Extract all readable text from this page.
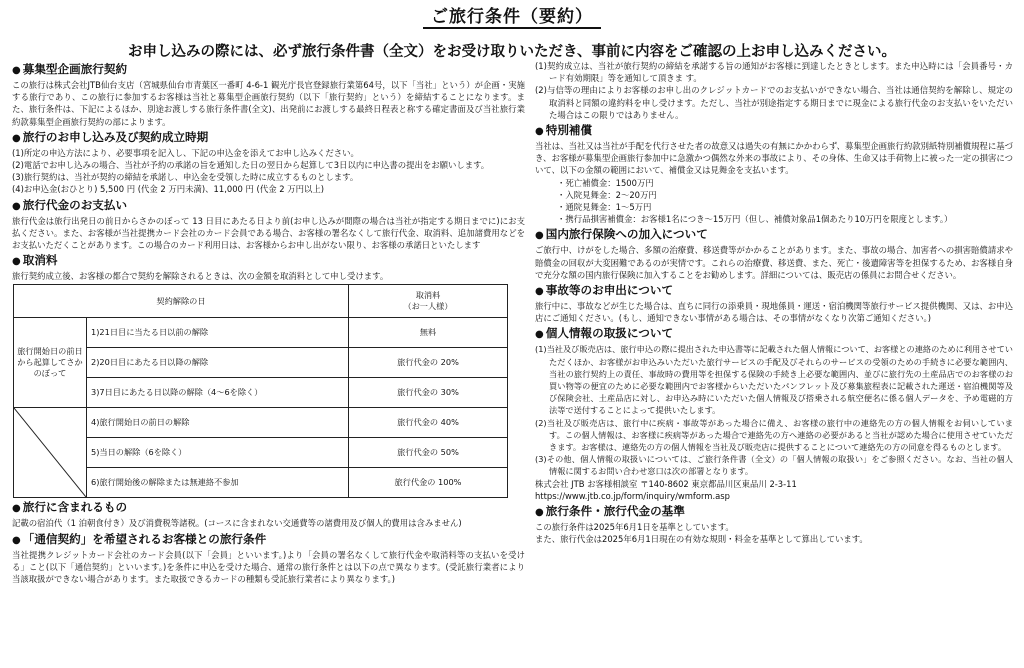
ご旅行条件（要約）
お申し込みの際には、必ず旅行条件書（全文）をお受け取りいただき、事前に内容をご確認の上お申し込みください。
● 募集型企画旅行契約

この旅行は株式会社JTB仙台支店（宮城県仙台市青葉区一番町 4-6-1 観光庁長官登録旅行業第64号，以下「当社」という）が企画・実施する旅行であり、この旅行に参加するお客様は当社と募集型企画旅行契約（以下「旅行契約」という）を締結することになります。また、旅行条件は、下記によるほか、別途お渡しする旅行条件書(全文)、出発前にお渡しする最終日程表と称する確定書面及び当社旅行業約款募集型企画旅行契約の部によります。

● 旅行のお申し込み及び契約成立時期

(1)所定の申込方法により、必要事項を記入し、下記の申込金を添えてお申し込みください。

(2)電話でお申し込みの場合、当社が予約の承諾の旨を通知した日の翌日から起算して3日以内に申込書の提出をお願いします。

(3)旅行契約は、当社が契約の締結を承諾し、申込金を受領した時に成立するものとします。

(4)お申込金(おひとり) 5,500 円 (代金 2 万円未満)、11,000 円 (代金 2 万円以上)

● 旅行代金のお支払い

旅行代金は旅行出発日の前日からさかのぼって 13 日目にあたる日より前(お申し込みが間際の場合は当社が指定する期日までに)にお支払ください。また、お客様が当社提携カード会社のカード会員である場合、お客様の署名なくして旅行代金、取消料、追加諸費用などをお支払いただくことがあります。この場合のカード利用日は、お客様からお申し出がない限り、お客様の承諾日といたします

● 取消料

旅行契約成立後、お客様の都合で契約を解除されるときは、次の金額を取消料として申し受けます。

契約解除の日		取消料
（お一人様）
旅行開始日の前日から起算してさかのぼって	1)21日目に当たる日以前の解除	無料
	2)20日目にあたる日以降の解除	旅行代金の 20%
	3)7日目にあたる日以降の解除（4～6を除く）	旅行代金の 30%

	4)旅行開始日の前日の解除	旅行代金の 40%
	5)当日の解除（6を除く）	旅行代金の 50%
	6)旅行開始後の解除または無連絡不参加	旅行代金の 100%
● 旅行に含まれるもの

記載の宿泊代（1 泊朝食付き）及び消費税等諸税。(コースに含まれない交通費等の諸費用及び個人的費用は含みません)

● 「通信契約」を希望されるお客様との旅行条件

当社提携クレジットカード会社のカード会員(以下「会員」といいます。)より「会員の署名なくして旅行代金や取消料等の支払いを受ける」こと(以下「通信契約」といいます。)を条件に申込を受けた場合、通常の旅行条件とは以下の点で異なります。(受託旅行業者により当該取扱ができない場合があります。また取扱できるカードの種類も受託旅行業者により異なります。)

(1)契約成立は、当社が旅行契約の締結を承諾する旨の通知がお客様に到達したときとします。また申込時には「会員番号・カード有効期限」等を通知して頂きま す。

(2)与信等の理由によりお客様のお申し出のクレジットカードでのお支払いができない場合、当社は通信契約を解除し、規定の取消料と同額の違約料を申し受けます。ただし、当社が別途指定する期日までに現金による旅行代金のお支払いをいただいた場合はこの限りではありません。

● 特別補償

当社は、当社又は当社が手配を代行させた者の故意又は過失の有無にかかわらず、募集型企画旅行約款別紙特別補償規程に基づき、お客様が募集型企画旅行参加中に急激かつ偶然な外来の事故により、その身体、生命又は手荷物上に被った一定の損害について、以下の金額の範囲において、補償金又は見舞金を支払います。

・死亡補償金：1500万円

・入院見舞金：2～20万円

・通院見舞金：1～5万円

・携行品損害補償金：お客様1名につき～15万円（但し、補償対象品1個あたり10万円を限度とします。）

● 国内旅行保険への加入について

ご旅行中、けがをした場合、多額の治療費、移送費等がかかることがあります。また、事故の場合、加害者への損害賠償請求や賠償金の回収が大変困難であるのが実情です。これらの治療費、移送費、また、死亡・後遺障害等を担保するため、お客様自身で充分な額の国内旅行保険に加入することをお勧めします。詳細については、販売店の係員にお問合せください。

● 事故等のお申出について

旅行中に、事故などが生じた場合は、直ちに同行の添乗員・現地係員・運送・宿泊機関等旅行サービス提供機関、又は、お申込店にご通知ください。(もし、通知できない事情がある場合は、その事情がなくなり次第ご通知ください。)

● 個人情報の取扱について

(1)当社及び販売店は、旅行申込の際に提出された申込書等に記載された個人情報について、お客様との連絡のために利用させていただくほか、お客様がお申込みいただいた旅行サービスの手配及びそれらのサービスの受領のための手続きに必要な範囲内、当社の旅行契約上の責任、事故時の費用等を担保する保険の手続き上必要な範囲内、並びに旅行先の土産品店でのお客様のお買い物等の便宜のために必要な範囲内でお客様からいただいたパンフレット及び募集旅程表に記載された運送・宿泊機関等及び保険会社、土産品店に対し、お申込み時にいただいた個人情報及び搭乗される航空便名に係る個人データを、予め電磁的方法等で送付することによって提供いたします。

(2)当社及び販売店は、旅行中に疾病・事故等があった場合に備え、お客様の旅行中の連絡先の方の個人情報をお伺いしています。この個人情報は、お客様に疾病等があった場合で連絡先の方へ連絡の必要があると当社が認めた場合に使用させていただきます。お客様は、連絡先の方の個人情報を当社及び販売店に提供することについて連絡先の方の同意を得るものとします。

(3)その他、個人情報の取扱いについては、ご旅行条件書（全文）の「個人情報の取扱い」をご参照ください。なお、当社の個人情報に関するお問い合わせ窓口は次の部署となります。

株式会社 JTB お客様相談室 〒140-8602 東京都品川区東品川 2-3-11

https://www.jtb.co.jp/form/inquiry/wmform.asp

● 旅行条件・旅行代金の基準

この旅行条件は2025年6月1日を基準としています。

また、旅行代金は2025年6月1日現在の有効な規則・料金を基準として算出しています。
